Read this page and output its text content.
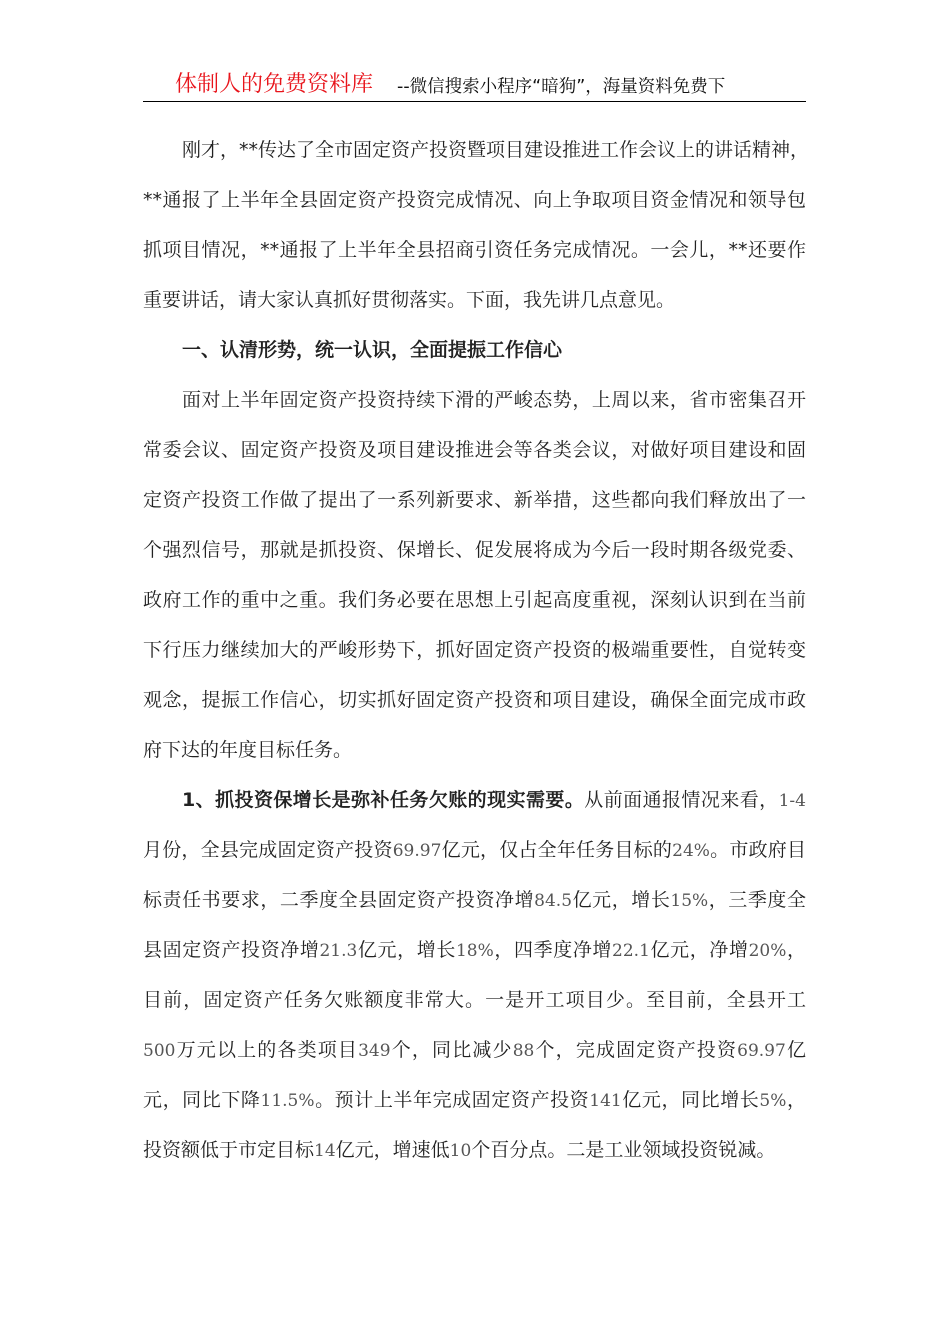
体制人的免费资料库 --微信搜索小程序“暗狗”，海量资料免费下
刚才，**传达了全市固定资产投资暨项目建设推进工作会议上的讲话精神，
**通报了上半年全县固定资产投资完成情况、向上争取项目资金情况和领导包
抓项目情况，**通报了上半年全县招商引资任务完成情况。一会儿，**还要作
重要讲话，请大家认真抓好贯彻落实。下面，我先讲几点意见。
一、认清形势，统一认识，全面提振工作信心
面对上半年固定资产投资持续下滑的严峻态势，上周以来，省市密集召开
常委会议、固定资产投资及项目建设推进会等各类会议，对做好项目建设和固
定资产投资工作做了提出了一系列新要求、新举措，这些都向我们释放出了一
个强烈信号，那就是抓投资、保增长、促发展将成为今后一段时期各级党委、
政府工作的重中之重。我们务必要在思想上引起高度重视，深刻认识到在当前
下行压力继续加大的严峻形势下，抓好固定资产投资的极端重要性，自觉转变
观念，提振工作信心，切实抓好固定资产投资和项目建设，确保全面完成市政
府下达的年度目标任务。
1、抓投资保增长是弥补任务欠账的现实需要。从前面通报情况来看，1-4
月份，全县完成固定资产投资69.97亿元，仅占全年任务目标的24%。市政府目
标责任书要求，二季度全县固定资产投资净增84.5亿元，增长15%，三季度全
县固定资产投资净增21.3亿元，增长18%，四季度净增22.1亿元，净增20%，
目前，固定资产任务欠账额度非常大。一是开工项目少。至目前，全县开工
500万元以上的各类项目349个，同比减少88个，完成固定资产投资69.97亿
元，同比下降11.5%。预计上半年完成固定资产投资141亿元，同比增长5%，
投资额低于市定目标14亿元，增速低10个百分点。二是工业领域投资锐减。
